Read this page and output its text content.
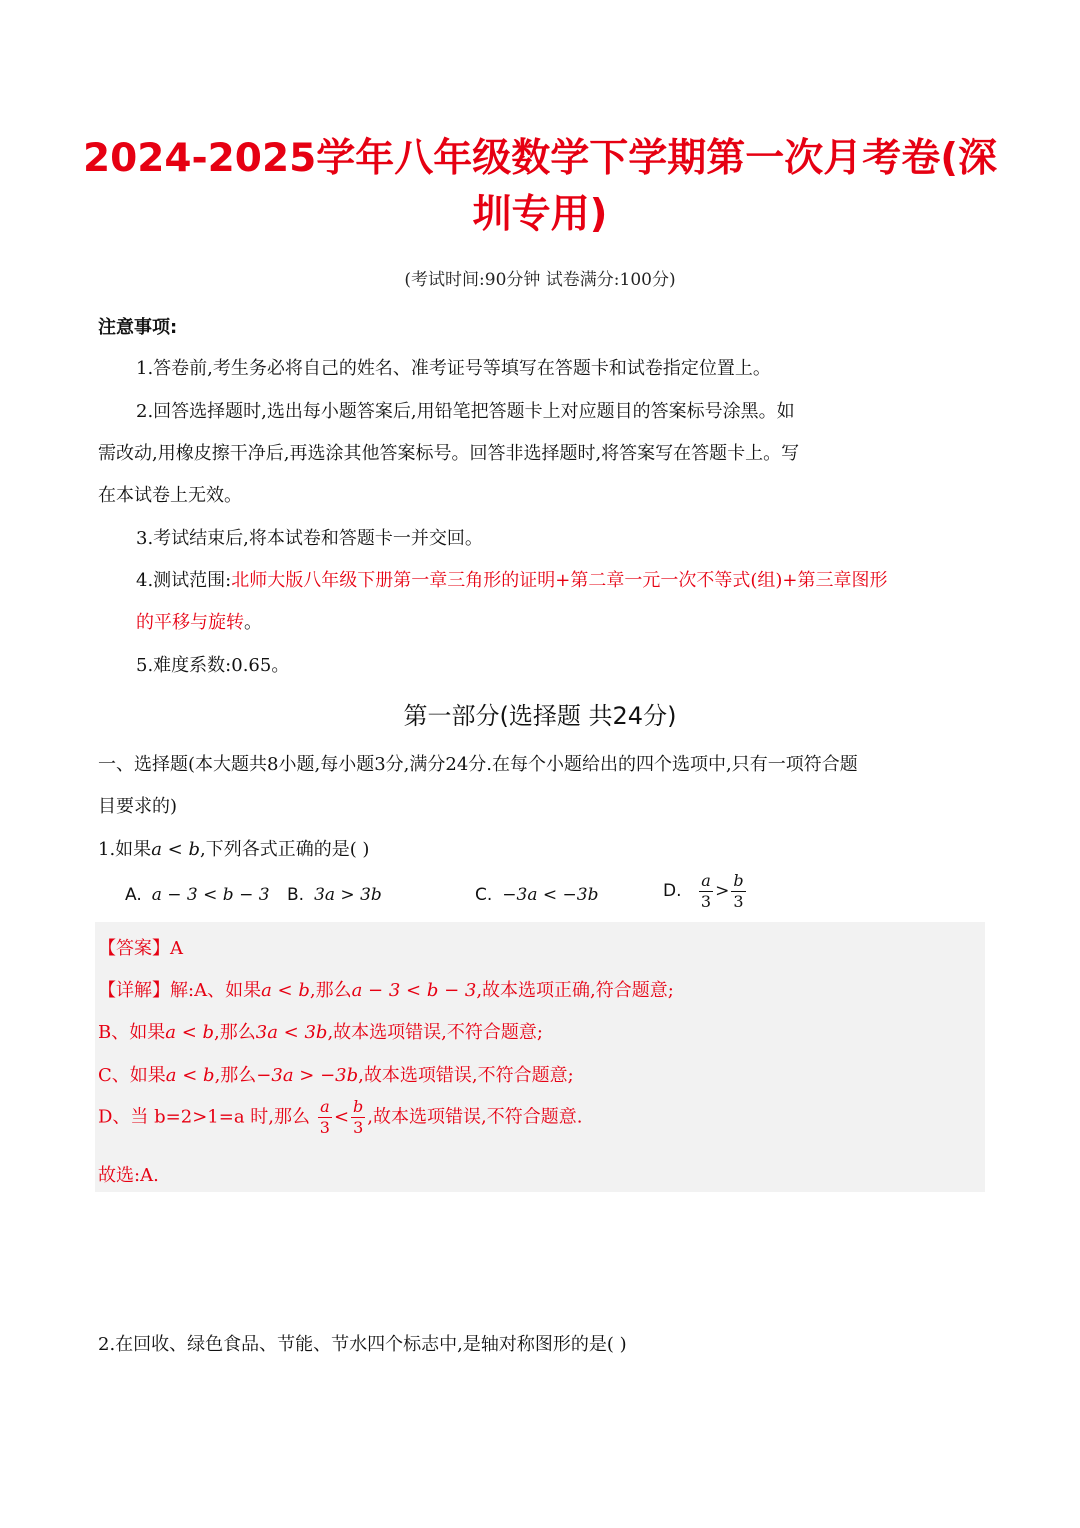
2024-2025学年八年级数学下学期第一次月考卷(深
圳专用)
(考试时间:90分钟 试卷满分:100分)
注意事项:
1.答卷前,考生务必将自己的姓名、准考证号等填写在答题卡和试卷指定位置上。
2.回答选择题时,选出每小题答案后,用铅笔把答题卡上对应题目的答案标号涂黑。如
需改动,用橡皮擦干净后,再选涂其他答案标号。回答非选择题时,将答案写在答题卡上。写
在本试卷上无效。
3.考试结束后,将本试卷和答题卡一并交回。
4.测试范围:北师大版八年级下册第一章三角形的证明+第二章一元一次不等式(组)+第三章图形
的平移与旋转。
5.难度系数:0.65。
第一部分(选择题 共24分)
一、选择题(本大题共8小题,每小题3分,满分24分.在每个小题给出的四个选项中,只有一项符合题
目要求的)
1.如果a < b,下列各式正确的是( )
A. a − 3 < b − 3 B. 3a > 3b	C. −3a < −3b	D. $\frac{a}{3} > \frac{b}{3}$
【答案】A
【详解】解:A、如果a < b,那么a − 3 < b − 3,故本选项正确,符合题意;
B、如果a < b,那么3a < 3b,故本选项错误,不符合题意;
C、如果a < b,那么−3a > −3b,故本选项错误,不符合题意;
D、当 b=2>1=a 时,那么 $\frac{a}{3} < \frac{b}{3}$ ,故本选项错误,不符合题意.
故选:A.
2.在回收、绿色食品、节能、节水四个标志中,是轴对称图形的是( )
